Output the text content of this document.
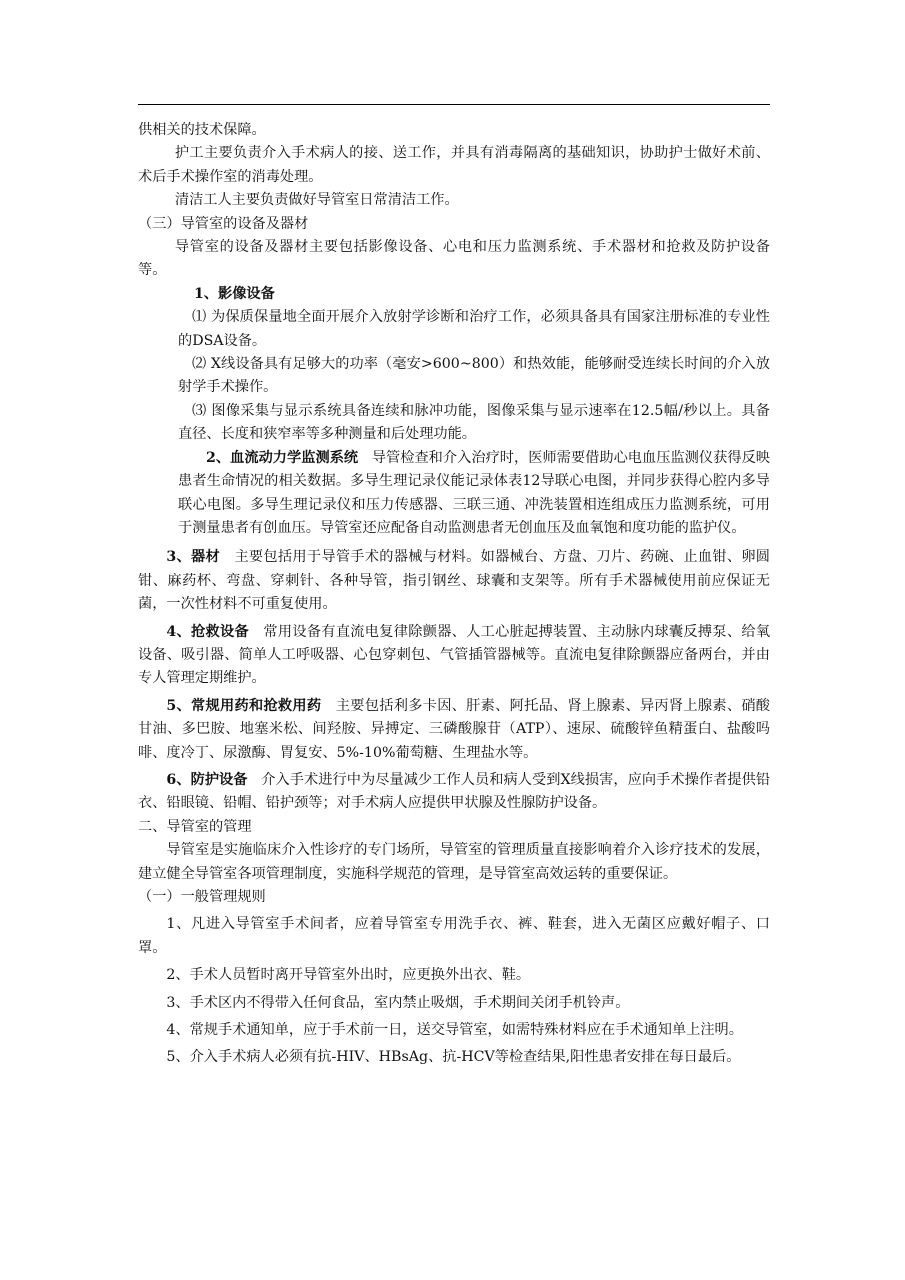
供相关的技术保障。

护工主要负责介入手术病人的接、送工作，并具有消毒隔离的基础知识，协助护士做好术前、术后手术操作室的消毒处理。

清洁工人主要负责做好导管室日常清洁工作。

（三）导管室的设备及器材

导管室的设备及器材主要包括影像设备、心电和压力监测系统、手术器材和抢救及防护设备等。

1、影像设备

⑴ 为保质保量地全面开展介入放射学诊断和治疗工作，必须具备具有国家注册标准的专业性的DSA设备。

⑵ X线设备具有足够大的功率（毫安>600~800）和热效能，能够耐受连续长时间的介入放射学手术操作。

⑶ 图像采集与显示系统具备连续和脉冲功能，图像采集与显示速率在12.5幅/秒以上。具备直径、长度和狭窄率等多种测量和后处理功能。

2、血流动力学监测系统 导管检查和介入治疗时，医师需要借助心电血压监测仪获得反映患者生命情况的相关数据。多导生理记录仪能记录体表12导联心电图，并同步获得心腔内多导联心电图。多导生理记录仪和压力传感器、三联三通、冲洗装置相连组成压力监测系统，可用于测量患者有创血压。导管室还应配备自动监测患者无创血压及血氧饱和度功能的监护仪。

3、器材 主要包括用于导管手术的器械与材料。如器械台、方盘、刀片、药碗、止血钳、卵圆钳、麻药杯、弯盘、穿刺针、各种导管，指引钢丝、球囊和支架等。所有手术器械使用前应保证无菌，一次性材料不可重复使用。

4、抢救设备 常用设备有直流电复律除颤器、人工心脏起搏装置、主动脉内球囊反搏泵、给氧设备、吸引器、简单人工呼吸器、心包穿刺包、气管插管器械等。直流电复律除颤器应备两台，并由专人管理定期维护。

5、常规用药和抢救用药 主要包括利多卡因、肝素、阿托品、肾上腺素、异丙肾上腺素、硝酸甘油、多巴胺、地塞米松、间羟胺、异搏定、三磷酸腺苷（ATP）、速尿、硫酸锌鱼精蛋白、盐酸吗啡、度冷丁、尿激酶、胃复安、5%-10%葡萄糖、生理盐水等。

6、防护设备 介入手术进行中为尽量减少工作人员和病人受到X线损害，应向手术操作者提供铅衣、铅眼镜、铅帽、铅护颈等；对手术病人应提供甲状腺及性腺防护设备。

二、导管室的管理

导管室是实施临床介入性诊疗的专门场所，导管室的管理质量直接影响着介入诊疗技术的发展，建立健全导管室各项管理制度，实施科学规范的管理，是导管室高效运转的重要保证。

（一）一般管理规则

1、凡进入导管室手术间者，应着导管室专用洗手衣、裤、鞋套，进入无菌区应戴好帽子、口罩。

2、手术人员暂时离开导管室外出时，应更换外出衣、鞋。

3、手术区内不得带入任何食品，室内禁止吸烟，手术期间关闭手机铃声。

4、常规手术通知单，应于手术前一日，送交导管室，如需特殊材料应在手术通知单上注明。

5、介入手术病人必须有抗-HIV、HBsAg、抗-HCV等检查结果,阳性患者安排在每日最后。
